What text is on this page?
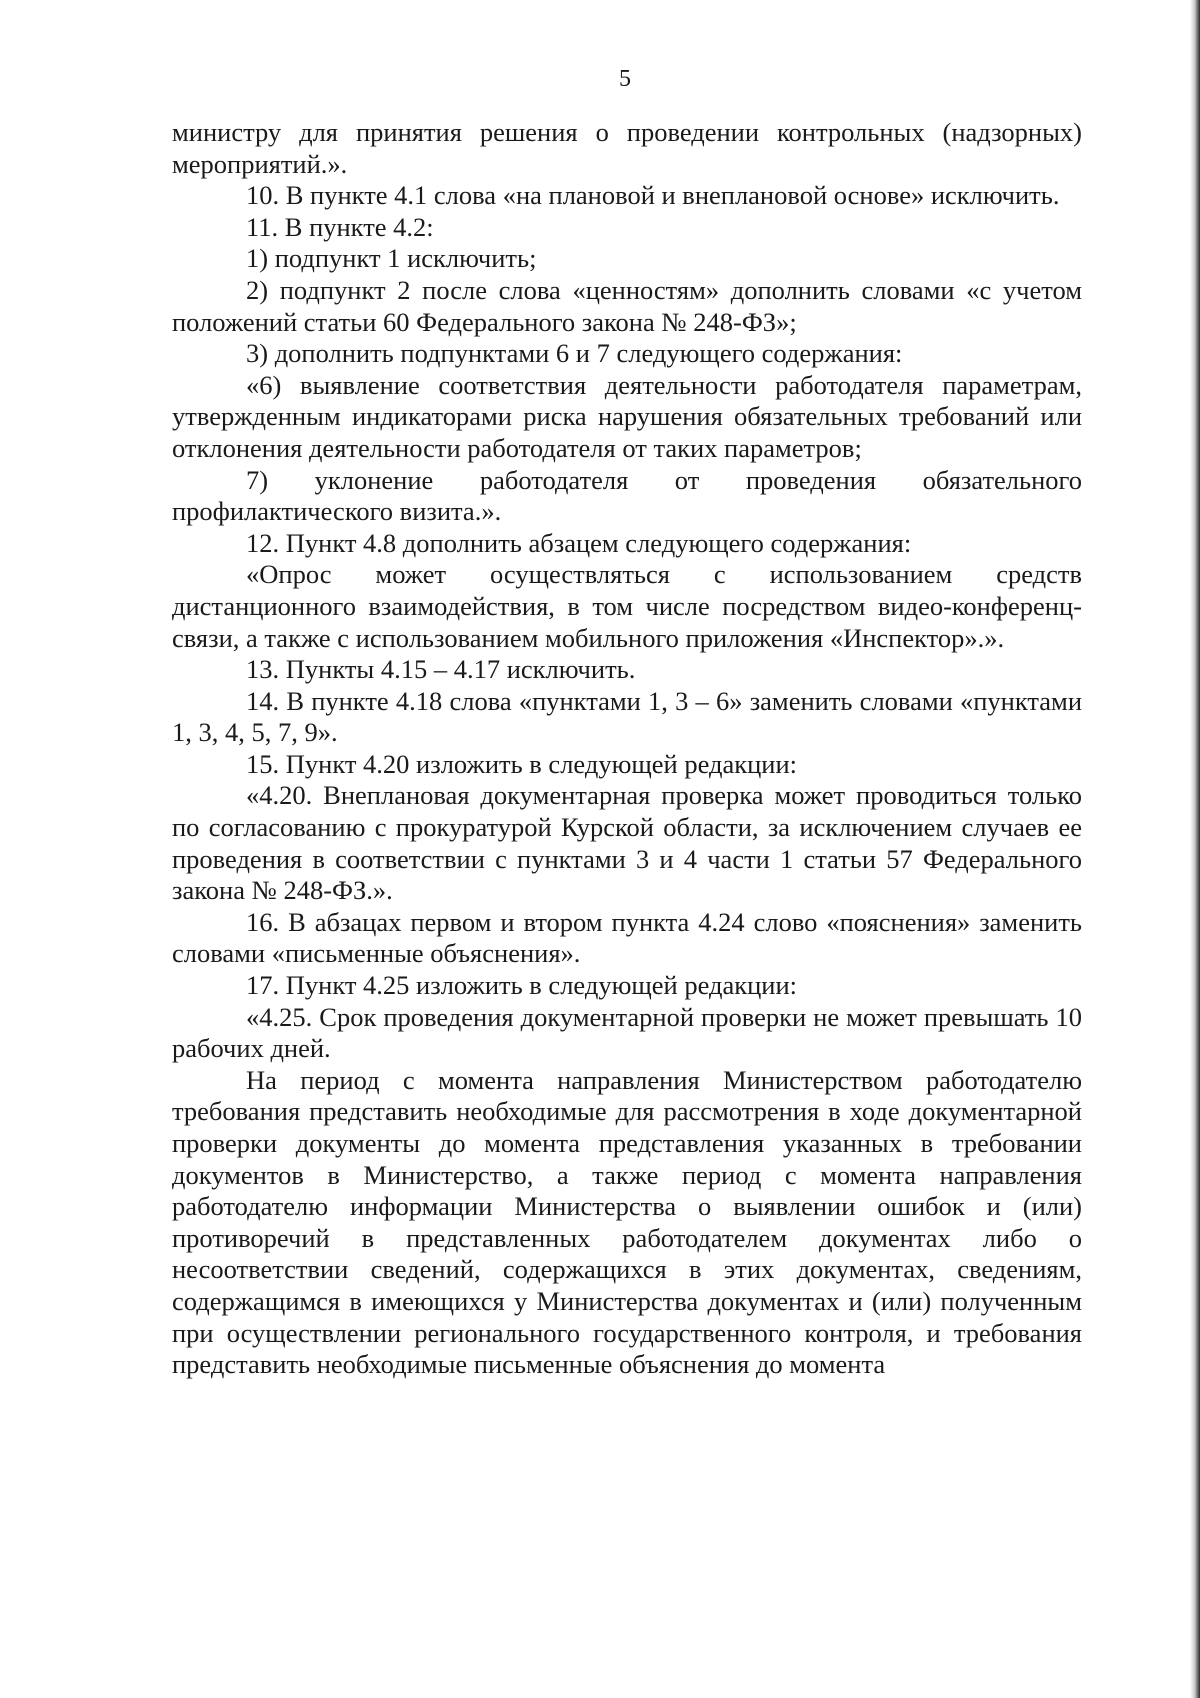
5

министру для принятия решения о проведении контрольных (надзорных) мероприятий.».

10. В пункте 4.1 слова «на плановой и внеплановой основе» исключить.

11. В пункте 4.2:

1) подпункт 1 исключить;

2) подпункт 2 после слова «ценностям» дополнить словами «с учетом положений статьи 60 Федерального закона № 248-ФЗ»;

3) дополнить подпунктами 6 и 7 следующего содержания:

«6) выявление соответствия деятельности работодателя параметрам, утвержденным индикаторами риска нарушения обязательных требований или отклонения деятельности работодателя от таких параметров;

7) уклонение работодателя от проведения обязательного профилактического визита.».

12. Пункт 4.8 дополнить абзацем следующего содержания:

«Опрос может осуществляться с использованием средств дистанционного взаимодействия, в том числе посредством видео-конференц-связи, а также с использованием мобильного приложения «Инспектор».».

13. Пункты 4.15 – 4.17 исключить.

14. В пункте 4.18 слова «пунктами 1, 3 – 6» заменить словами «пунктами 1, 3, 4, 5, 7, 9».

15. Пункт 4.20 изложить в следующей редакции:

«4.20. Внеплановая документарная проверка может проводиться только по согласованию с прокуратурой Курской области, за исключением случаев ее проведения в соответствии с пунктами 3 и 4 части 1 статьи 57 Федерального закона № 248-ФЗ.».

16. В абзацах первом и втором пункта 4.24 слово «пояснения» заменить словами «письменные объяснения».

17. Пункт 4.25 изложить в следующей редакции:

«4.25. Срок проведения документарной проверки не может превышать 10 рабочих дней.

На период с момента направления Министерством работодателю требования представить необходимые для рассмотрения в ходе документарной проверки документы до момента представления указанных в требовании документов в Министерство, а также период с момента направления работодателю информации Министерства о выявлении ошибок и (или) противоречий в представленных работодателем документах либо о несоответствии сведений, содержащихся в этих документах, сведениям, содержащимся в имеющихся у Министерства документах и (или) полученным при осуществлении регионального государственного контроля, и требования представить необходимые письменные объяснения до момента
